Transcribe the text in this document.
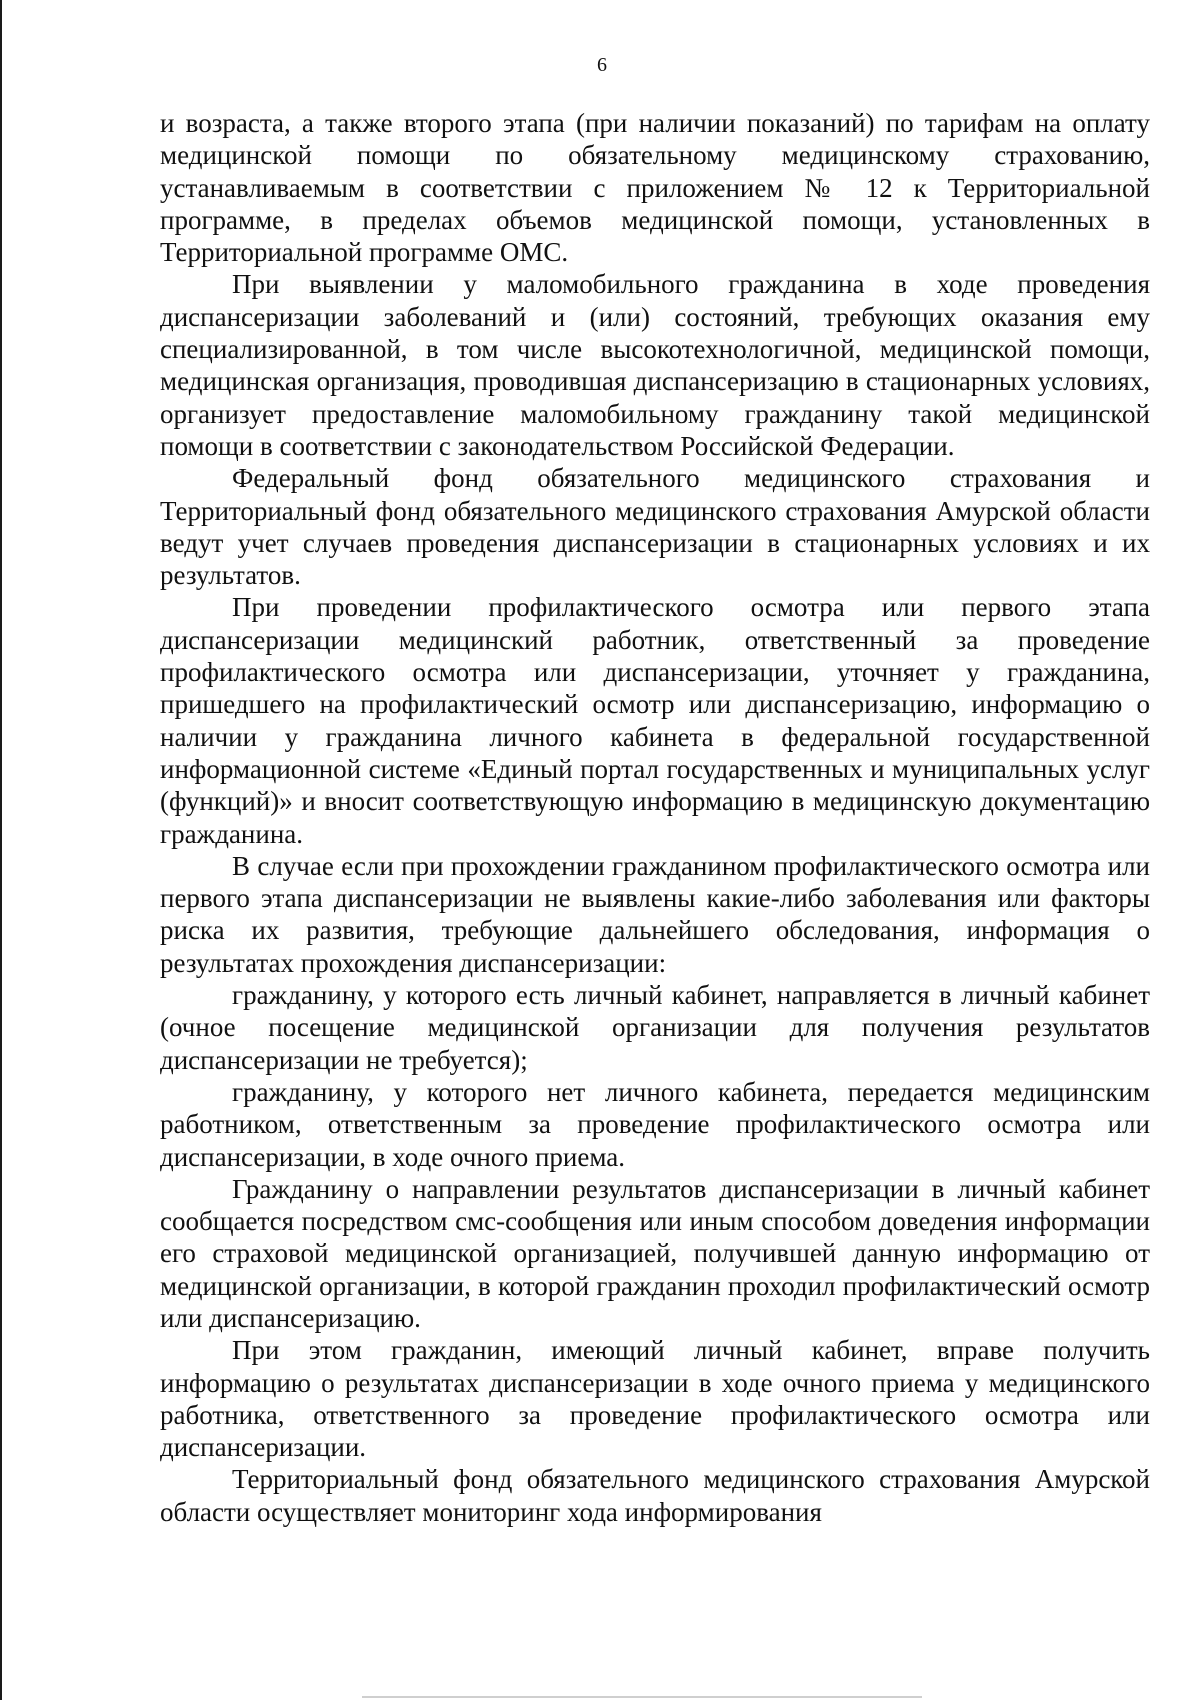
6

и возраста, а также второго этапа (при наличии показаний) по тарифам на оплату медицинской помощи по обязательному медицинскому страхованию, устанавливаемым в соответствии с приложением № 12 к Территориальной программе, в пределах объемов медицинской помощи, установленных в Территориальной программе ОМС.

При выявлении у маломобильного гражданина в ходе проведения диспансеризации заболеваний и (или) состояний, требующих оказания ему специализированной, в том числе высокотехнологичной, медицинской помощи, медицинская организация, проводившая диспансеризацию в стационарных условиях, организует предоставление маломобильному гражданину такой медицинской помощи в соответствии с законодательством Российской Федерации.

Федеральный фонд обязательного медицинского страхования и Территориальный фонд обязательного медицинского страхования Амурской области ведут учет случаев проведения диспансеризации в стационарных условиях и их результатов.

При проведении профилактического осмотра или первого этапа диспансеризации медицинский работник, ответственный за проведение профилактического осмотра или диспансеризации, уточняет у гражданина, пришедшего на профилактический осмотр или диспансеризацию, информацию о наличии у гражданина личного кабинета в федеральной государственной информационной системе «Единый портал государственных и муниципальных услуг (функций)» и вносит соответствующую информацию в медицинскую документацию гражданина.

В случае если при прохождении гражданином профилактического осмотра или первого этапа диспансеризации не выявлены какие-либо заболевания или факторы риска их развития, требующие дальнейшего обследования, информация о результатах прохождения диспансеризации:

гражданину, у которого есть личный кабинет, направляется в личный кабинет (очное посещение медицинской организации для получения результатов диспансеризации не требуется);

гражданину, у которого нет личного кабинета, передается медицинским работником, ответственным за проведение профилактического осмотра или диспансеризации, в ходе очного приема.

Гражданину о направлении результатов диспансеризации в личный кабинет сообщается посредством смс-сообщения или иным способом доведения информации его страховой медицинской организацией, получившей данную информацию от медицинской организации, в которой гражданин проходил профилактический осмотр или диспансеризацию.

При этом гражданин, имеющий личный кабинет, вправе получить информацию о результатах диспансеризации в ходе очного приема у медицинского работника, ответственного за проведение профилактического осмотра или диспансеризации.

Территориальный фонд обязательного медицинского страхования Амурской области осуществляет мониторинг хода информирования
